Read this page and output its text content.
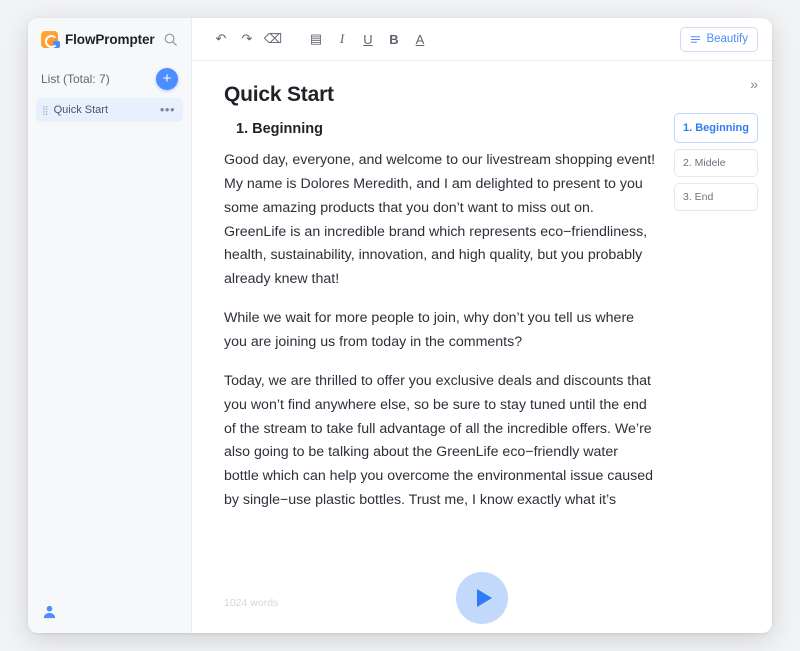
FlowPrompter
List (Total: 7)	+
⣿ Quick Start	•••
↶	↷ ⌫	▤	I	U	B	A	Beautify
Quick Start
1. Beginning

Good day, everyone, and welcome to our livestream shopping event! My name is Dolores Meredith, and I am delighted to present to you some amazing products that you don’t want to miss out on. GreenLife is an incredible brand which represents eco−friendliness, health, sustainability, innovation, and high quality, but you probably already knew that!

While we wait for more people to join, why don’t you tell us where you are joining us from today in the comments?

Today, we are thrilled to offer you exclusive deals and discounts that you won’t find anywhere else, so be sure to stay tuned until the end of the stream to take full advantage of all the incredible offers. We’re also going to be talking about the GreenLife eco−friendly water bottle which can help you overcome the environmental issue caused by single−use plastic bottles. Trust me, I know exactly what it’s

1024 words
»
1. Beginning
2. Midele
3. End
